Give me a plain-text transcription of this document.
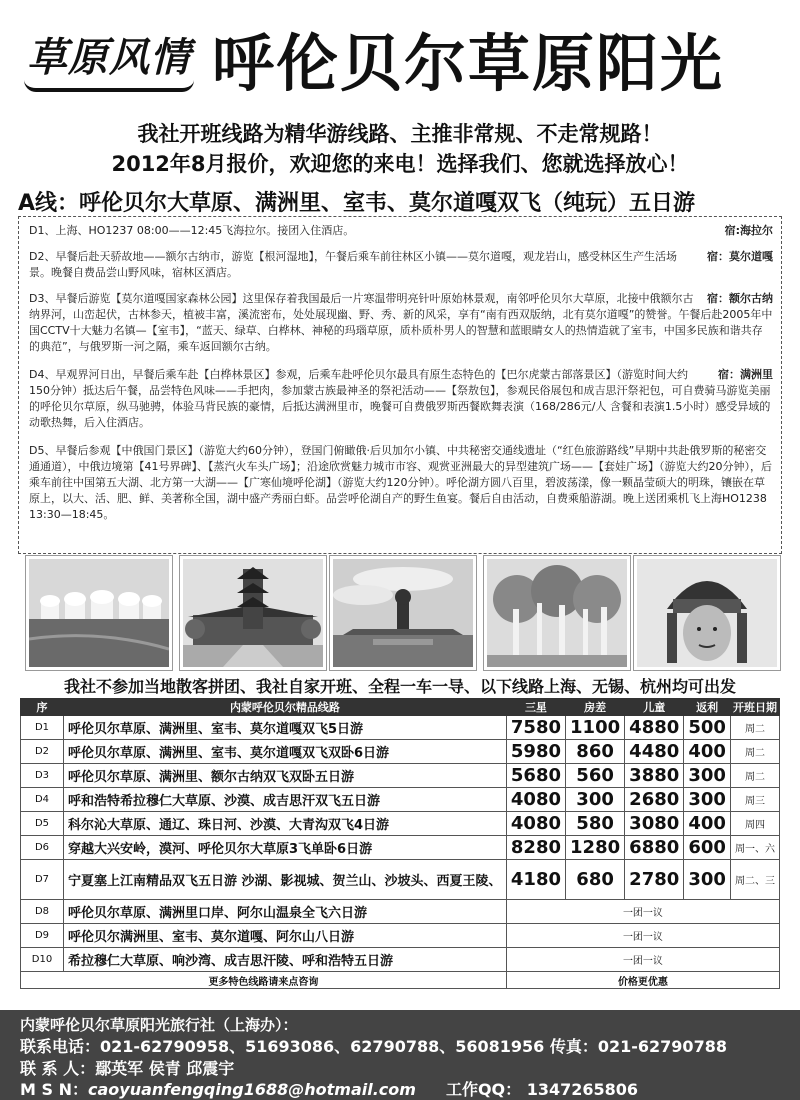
草原风情 呼伦贝尔草原阳光
我社开班线路为精华游线路、主推非常规、不走常规路！
2012年8月报价，欢迎您的来电！选择我们、您就选择放心！
A线：呼伦贝尔大草原、满洲里、室韦、莫尔道嘎双飞（纯玩）五日游
宿:海拉尔
D1、上海、HO1237 08:00——12:45飞海拉尔。接团入住酒店。
宿：莫尔道嘎
D2、早餐后赴天骄故地——额尔古纳市，游览【根河湿地】，午餐后乘车前往林区小镇——莫尔道嘎，观龙岩山，感受林区生产生活场景。晚餐自费品尝山野风味，宿林区酒店。
宿：额尔古纳
D3、早餐后游览【莫尔道嘎国家森林公园】这里保存着我国最后一片寒温带明亮针叶原始林景观，南邻呼伦贝尔大草原，北接中俄额尔古纳界河，山峦起伏，古林参天，植被丰富，溪流密布，处处展现幽、野、秀、新的风采，享有“南有西双版纳，北有莫尔道嘎”的赞誉。午餐后赴2005年中国CCTV十大魅力名镇—【室韦】，“蓝天、绿草、白桦林、神秘的玛瑙草原，质朴质朴男人的智慧和蓝眼睛女人的热情造就了室韦，中国多民族和谐共存的典范”，与俄罗斯一河之隔，乘车返回额尔古纳。
宿：满洲里
D4、早观界河日出，早餐后乘车赴【白桦林景区】参观，后乘车赴呼伦贝尔最具有原生态特色的【巴尔虎蒙古部落景区】（游览时间大约150分钟）抵达后午餐，品尝特色风味——手把肉，参加蒙古族最神圣的祭祀活动——【祭敖包】，参观民俗展包和成吉思汗祭祀包，可自费骑马游览美丽的呼伦贝尔草原，纵马驰骋，体验马背民族的豪情，后抵达满洲里市，晚餐可自费俄罗斯西餐欧舞表演（168/286元/人 含餐和表演1.5小时）感受异域的动歌热舞，后入住酒店。
D5、早餐后参观【中俄国门景区】（游览大约60分钟），登国门俯瞰俄·后贝加尔小镇、中共秘密交通线遗址（“红色旅游路线”早期中共赴俄罗斯的秘密交通通道），中俄边境第【41号界碑】、【蒸汽火车头广场】；沿途欣赏魅力城市市容、观赏亚洲最大的异型建筑广场——【套娃广场】（游览大约20分钟），后乘车前往中国第五大湖、北方第一大湖——【广寒仙境呼伦湖】（游览大约120分钟）。呼伦湖方圆八百里，碧波荡漾，像一颗晶莹硕大的明珠，镶嵌在草原上，以大、活、肥、鲜、美著称全国，湖中盛产秀丽白虾。品尝呼伦湖自产的野生鱼宴。餐后自由活动，自费乘船游湖。晚上送团乘机飞上海HO1238 13:30—18:45。
我社不参加当地散客拼团、我社自家开班、全程一车一导、以下线路上海、无锡、杭州均可出发
序	内蒙呼伦贝尔精品线路	三星	房差	儿童	返利	开班日期
D1	呼伦贝尔草原、满洲里、室韦、莫尔道嘎双飞5日游	7580	1100	4880	500	周二
D2	呼伦贝尔草原、满洲里、室韦、莫尔道嘎双飞双卧6日游	5980	860	4480	400	周二
D3	呼伦贝尔草原、满洲里、额尔古纳双飞双卧五日游	5680	560	3880	300	周二
D4	呼和浩特希拉穆仁大草原、沙漠、成吉思汗双飞五日游	4080	300	2680	300	周三
D5	科尔沁大草原、通辽、珠日河、沙漠、大青沟双飞4日游	4080	580	3080	400	周四
D6	穿越大兴安岭，漠河、呼伦贝尔大草原3飞单卧6日游	8280	1280	6880	600	周一、六
D7	宁夏塞上江南精品双飞五日游 沙湖、影视城、贺兰山、沙坡头、西夏王陵、	4180	680	2780	300	周二、三
D8	呼伦贝尔草原、满洲里口岸、阿尔山温泉全飞六日游	一团一议				
D9	呼伦贝尔满洲里、室韦、莫尔道嘎、阿尔山八日游	一团一议				
D10	希拉穆仁大草原、响沙湾、成吉思汗陵、呼和浩特五日游	一团一议				
更多特色线路请来点咨询		价格更优惠				
内蒙呼伦贝尔草原阳光旅行社（上海办）：
联系电话：021-62790958、51693086、62790788、56081956 传真：021-62790788
联 系 人：鄢英军 侯青 邱震宇
M S N：caoyuanfengqing1688@hotmail.com 工作QQ： 1347265806
